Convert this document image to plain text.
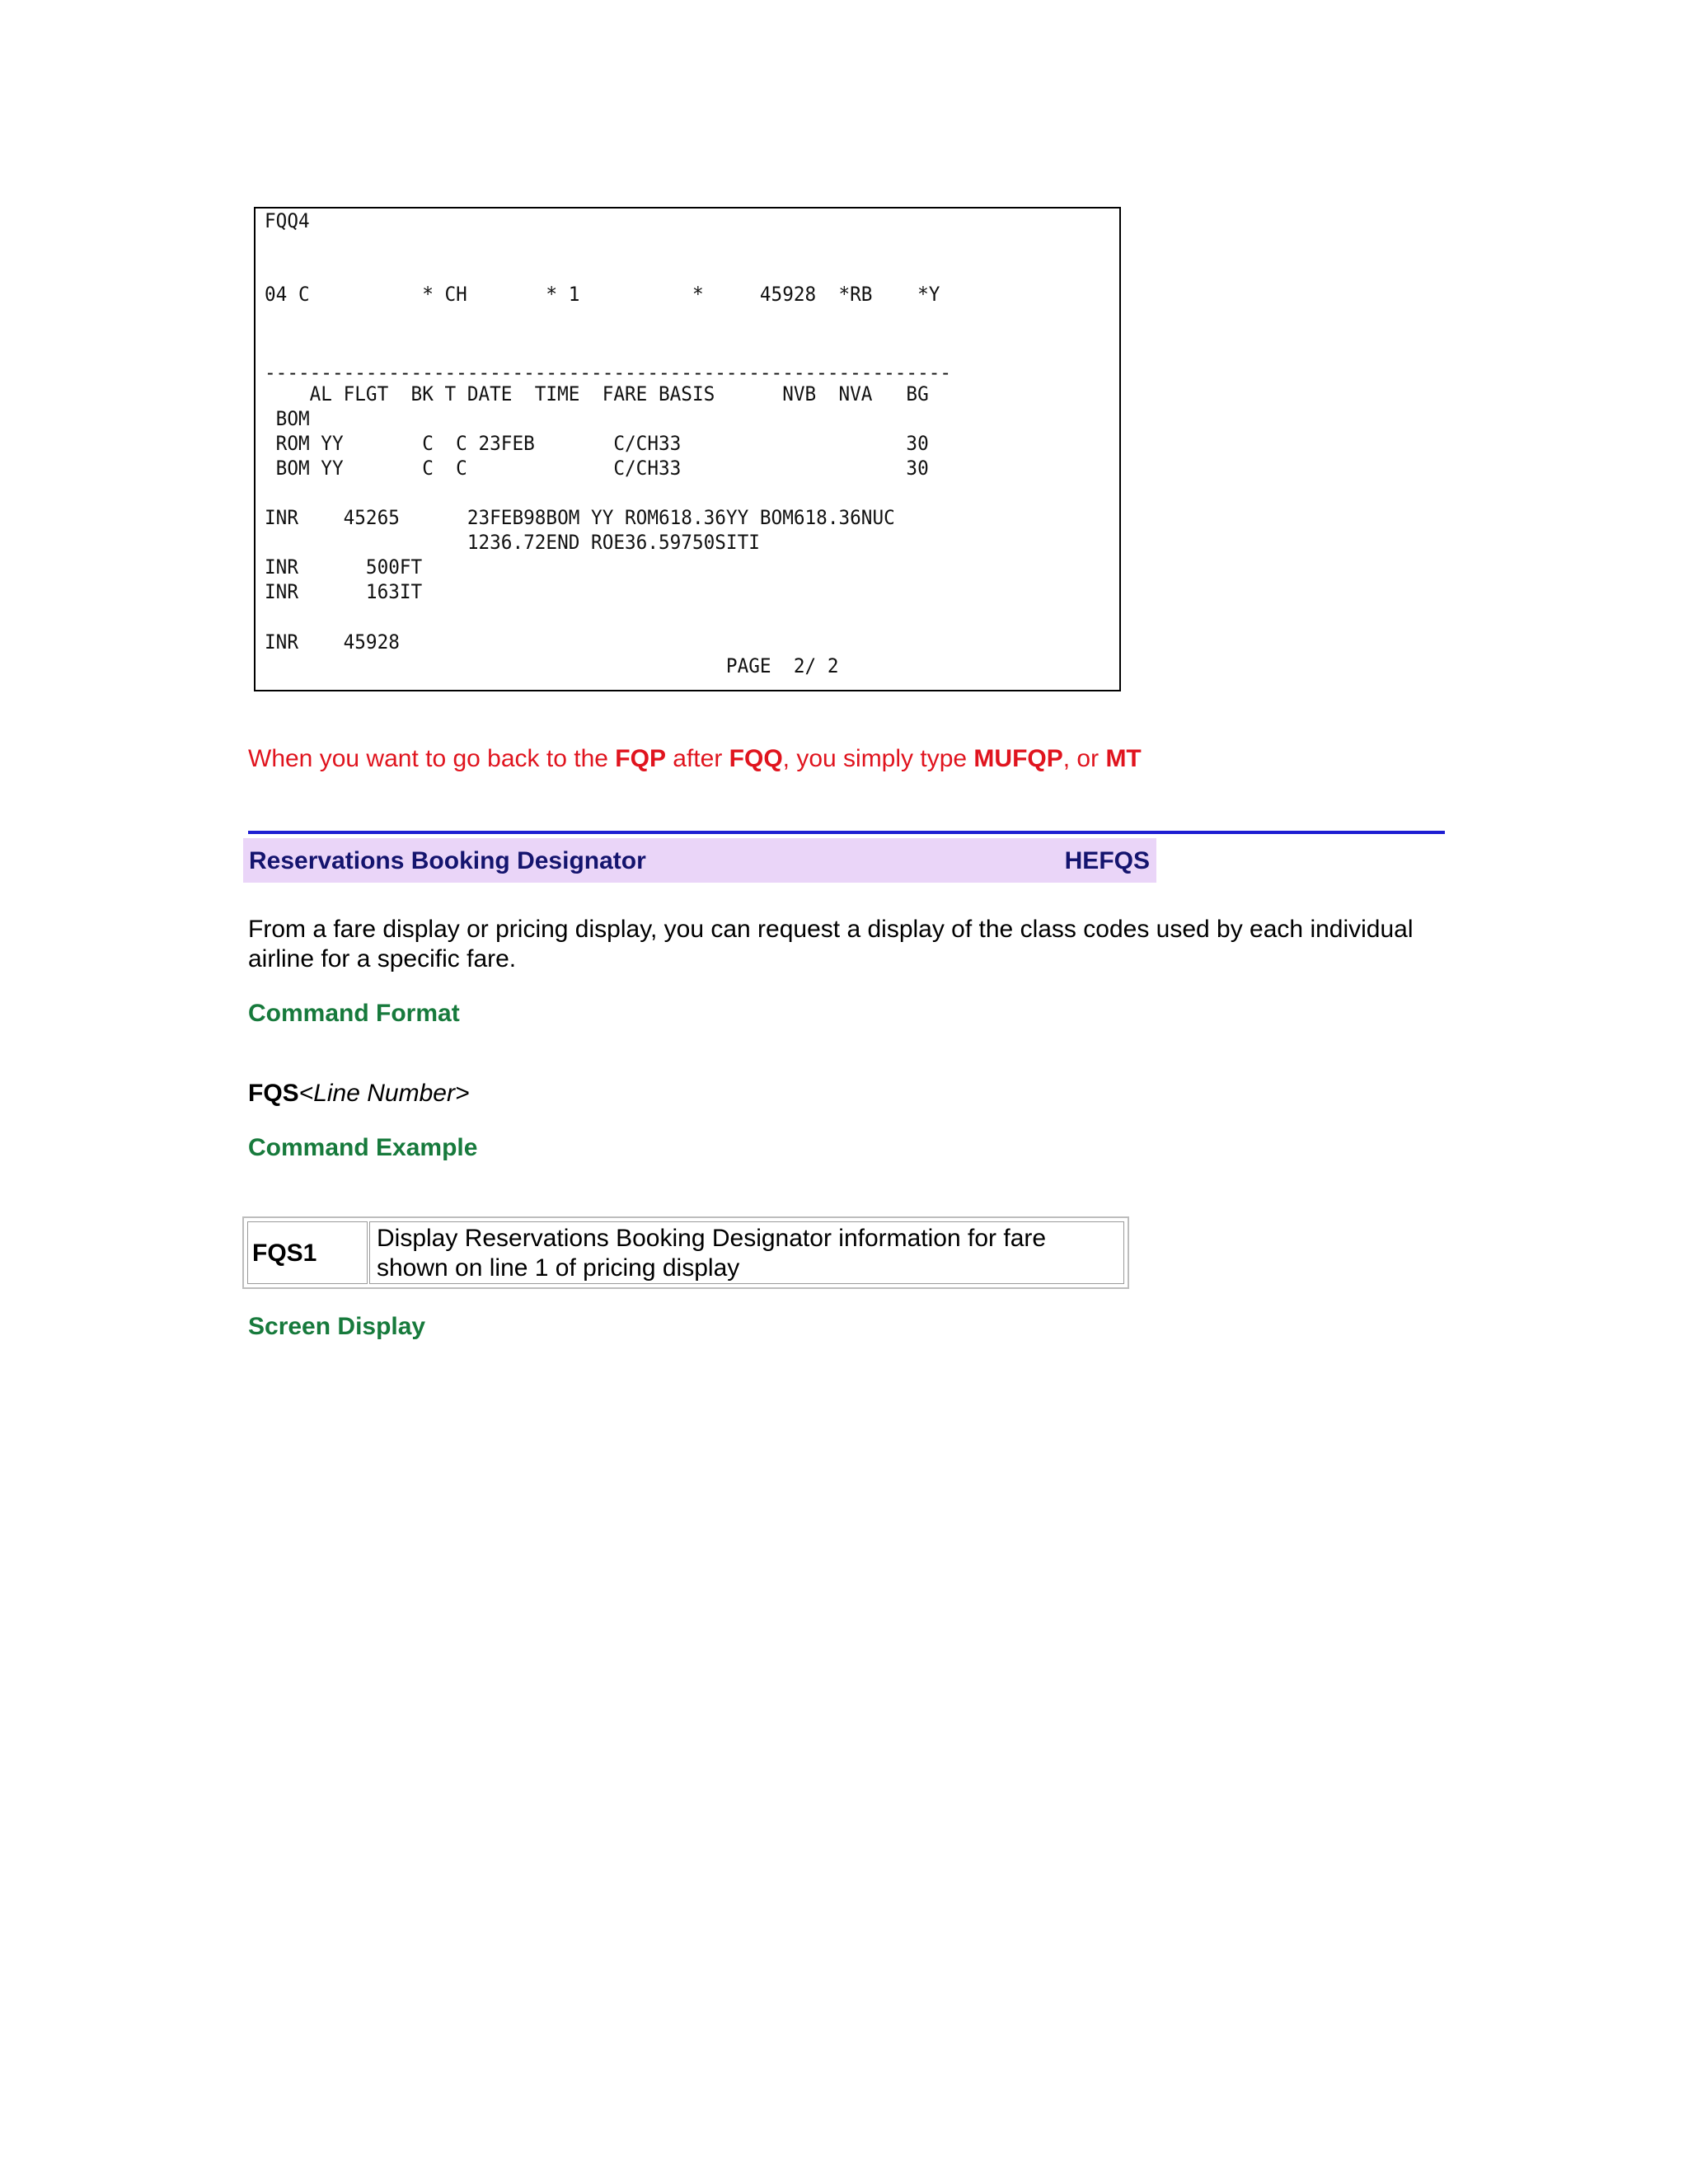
FQQ4
04 C          * CH       * 1          *     45928  *RB    *Y
-------------------------------------------------------------
AL FLGT  BK T DATE  TIME  FARE BASIS      NVB  NVA   BG
BOM
ROM YY       C  C 23FEB       C/CH33                    30
BOM YY       C  C             C/CH33                    30
INR    45265      23FEB98BOM YY ROM618.36YY BOM618.36NUC
1236.72END ROE36.59750SITI
INR      500FT
INR      163IT
INR    45928
PAGE  2/ 2

When you want to go back to the FQP after FQQ, you simply type MUFQP, or MT

Reservations Booking Designator	HEFQS

From a fare display or pricing display, you can request a display of the class codes used by each individual airline for a specific fare.

Command Format

FQS<Line Number>

Command Example
FQS1
Display Reservations Booking Designator information for fare shown on line 1 of pricing display
Screen Display
